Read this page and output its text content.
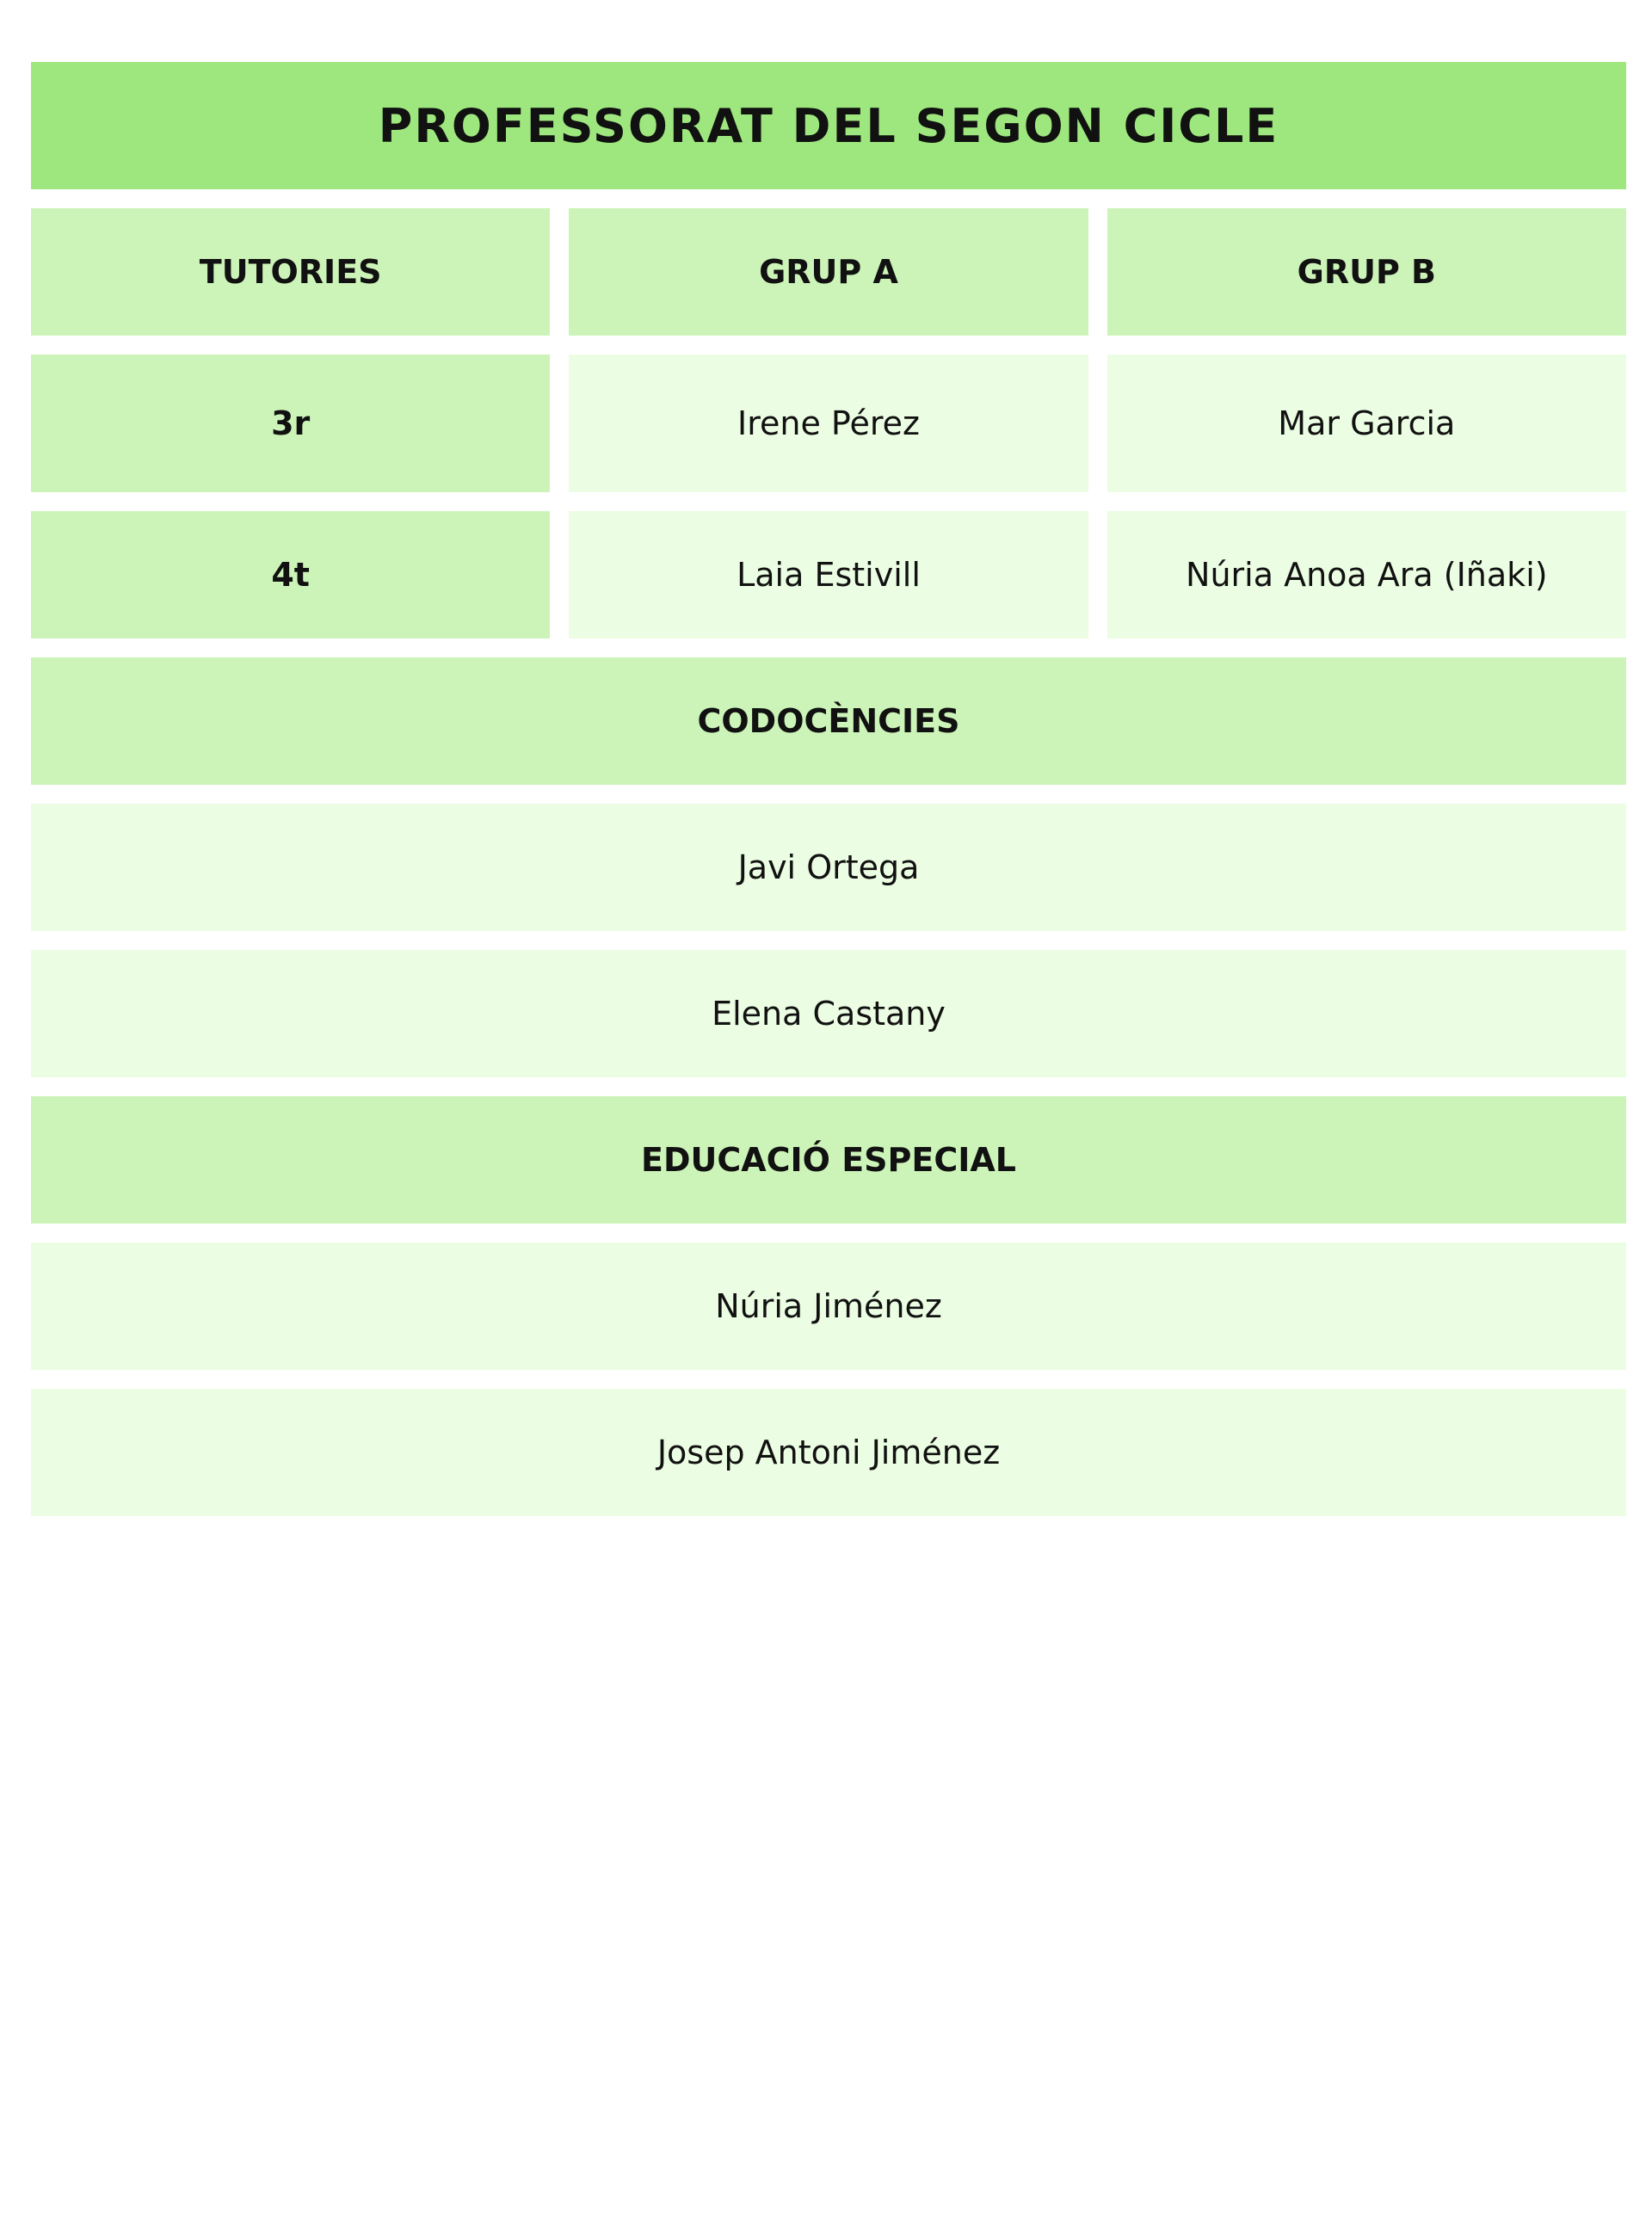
PROFESSORAT DEL SEGON CICLE
TUTORIES	GRUP A	GRUP B
3r	Irene Pérez	Mar Garcia
4t	Laia Estivill	Núria Anoa Ara (Iñaki)
CODOCÈNCIES
Javi Ortega
Elena Castany
EDUCACIÓ ESPECIAL
Núria Jiménez
Josep Antoni Jiménez
